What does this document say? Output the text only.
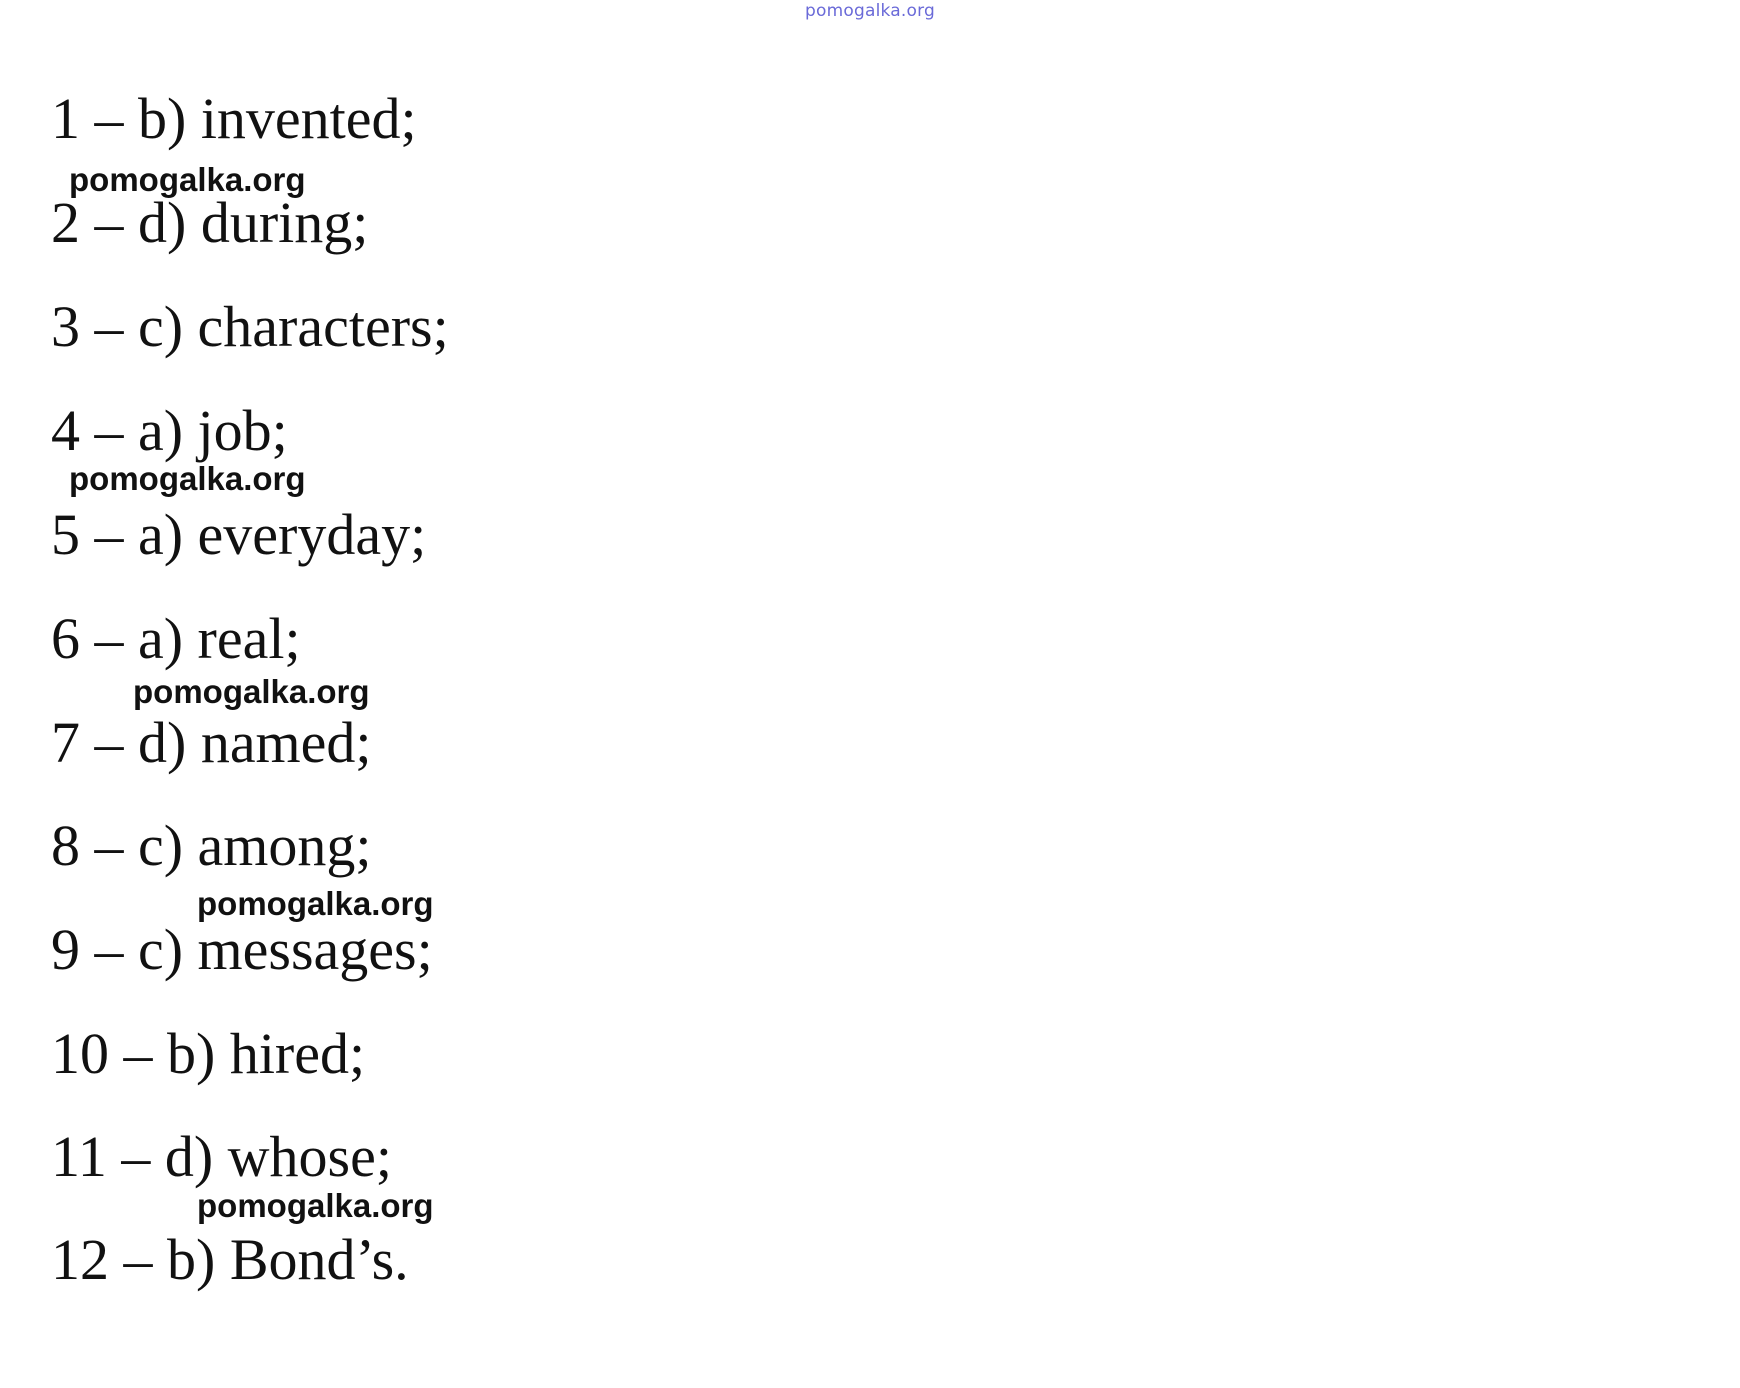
pomogalka.org
1 – b) invented;
pomogalka.org
2 – d) during;
3 – c) characters;
4 – a) job;
pomogalka.org
5 – a) everyday;
6 – a) real;
pomogalka.org
7 – d) named;
8 – c) among;
pomogalka.org
9 – c) messages;
10 – b) hired;
11 – d) whose;
pomogalka.org
12 – b) Bond’s.
